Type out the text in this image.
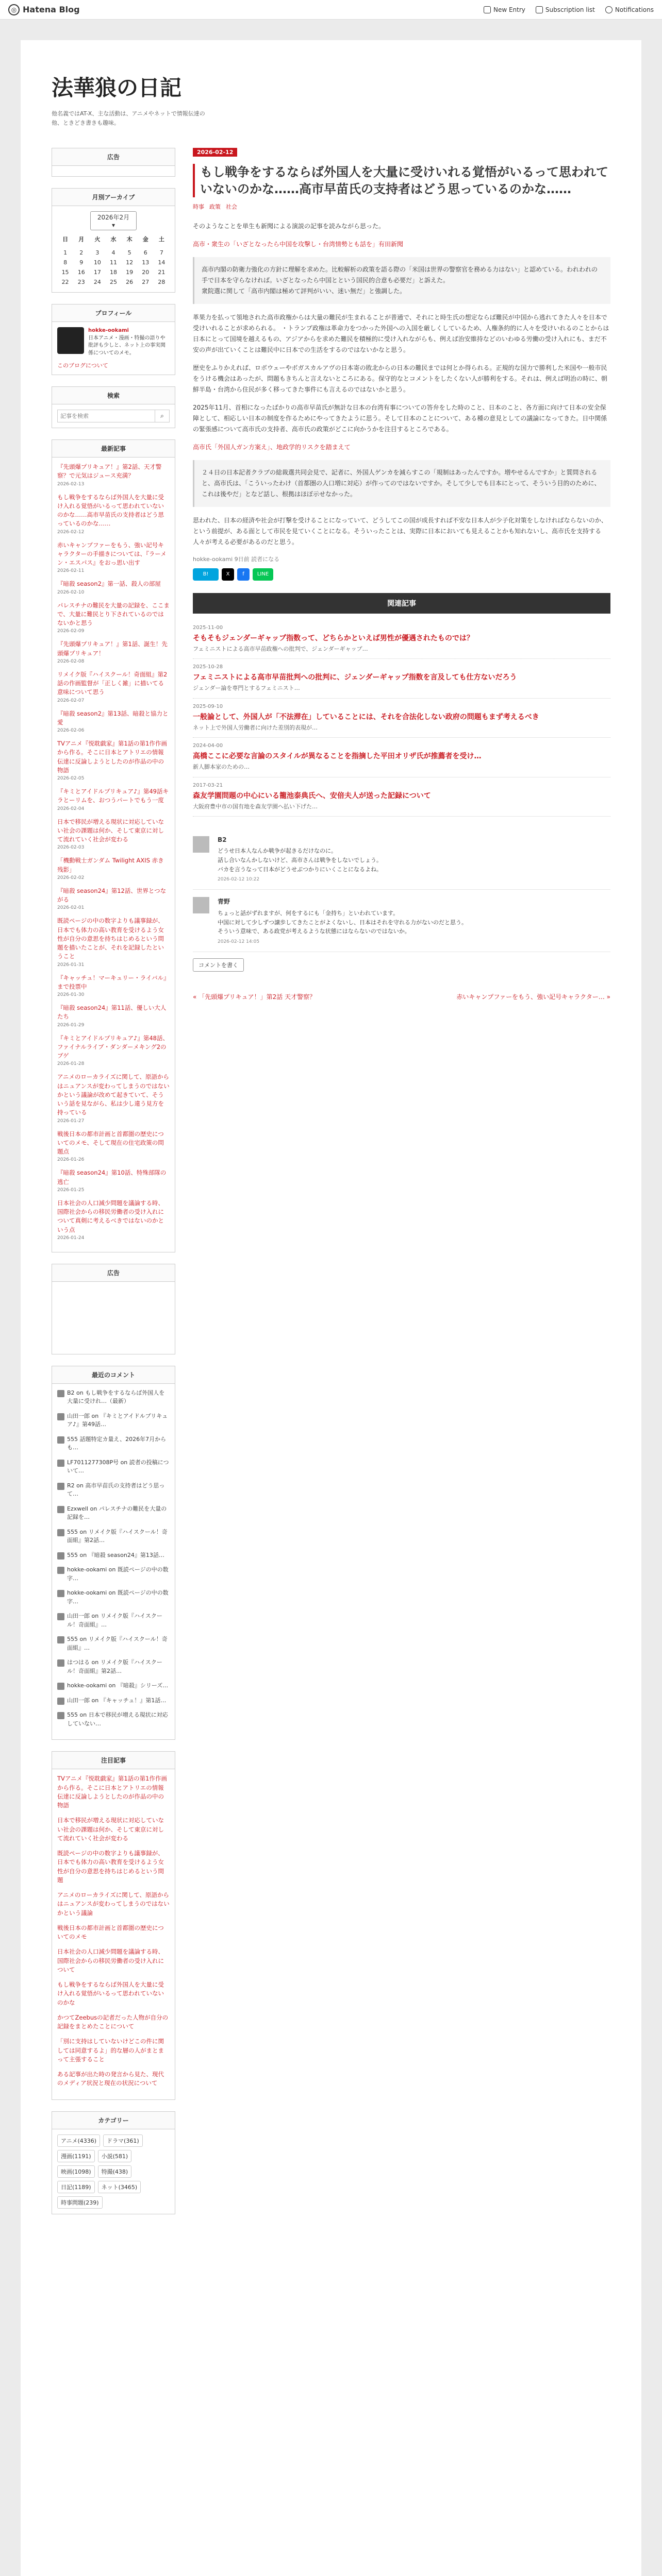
◎ Hatena Blog	New Entry	Subscription list	Notifications
法華狼の日記
他名義ではAT-X、主な活動は、アニメやネットで情報伝達の他、ときどき書きも趣味。
広告
月別アーカイブ
2026年2月 ▾
日	月	火	水	木	金	土

1	2	3	4	5	6	7
8	9	10	11	12	13	14
15	16	17	18	19	20	21
22	23	24	25	26	27	28
プロフィール
hokke-ookami
日本アニメ・漫画・特撮の語りや批評も少しと、ネット上の事実関係についてのメモ。
このブログについて
検索
記事を検索
⌕
最新記事
『先頭爆プリキュア！』第2話、天才警察？で元気はジュース充満？
2026-02-13
もし戦争をするならば外国人を大量に受け入れる覚悟がいるって思われていないのかな……高市早苗氏の支持者はどう思っているのかな……
2026-02-12
赤いキャンプファーをもう、強い記号キャラクターの手描きについては、『ラーメン・エスパス』をおっ思い出す
2026-02-11
『暗殺 season2』第一話、殺人の部屋
2026-02-10
パレスチナの難民を大量の記録を、ここまで、大量に難民とり下されているのではないかと思う
2026-02-09
『先頭爆プリキュア！』第1話、誕生！先頭爆プリキュア！
2026-02-08
リメイク版『ハイスクール！奇面組』第2話の作画監督が「正しく雑」に描いてる意味について思う
2026-02-07
『暗殺 season2』第13話、暗殺と協力と愛
2026-02-06
TVアニメ『悦耽戯家』第1話の第1作作画から作る。そこに日本とアトリエの情報伝達に反論しようとしたのが作品の中の物語
2026-02-05
『キミとアイドルプリキュア♪』第49話キラとーリムを、おつうパートでもう一度
2026-02-04
日本で移民が増える現状に対応していない社会の課題は何か、そして東京に対して流れていく社会が変わる
2026-02-03
「機動戦士ガンダム Twilight AXIS 赤き残影」
2026-02-02
『暗殺 season24』第12話、世界とつながる
2026-02-01
既読ページの中の数字よりも議事録が、日本でも体力の高い教育を受けるよう女性が自分の意思を持ちはじめるという問題を描いたことが、それを記録したということ
2026-01-31
『キャッチュ！マーキュリー・ライバル』まで投票中
2026-01-30
『暗殺 season24』第11話、優しい大人たち
2026-01-29
『キミとアイドルプリキュア♪』第48話、ファイナルライブ・ダンダーメキング2のブゲ
2026-01-28
アニメのローカライズに関して、原語からはニュアンスが変わってしまうのではないかという議論が改めて起きていて、そういう話を見ながら、私は少し違う見方を持っている
2026-01-27
戦後日本の都市計画と首都圏の歴史についてのメモ、そして現在の住宅政策の問題点
2026-01-26
『暗殺 season24』第10話、特殊部隊の逃亡
2026-01-25
日本社会の人口減少問題を議論する時、国際社会からの移民労働者の受け入れについて真剣に考えるべきではないのかという点
2026-01-24
広告
最近のコメント
B2 on もし戦争をするならば外国人を大量に受けれ…（最新）
山田一郎 on 『キミとアイドルプリキュア♪』第49話…
555 話題特定カ量え、2026年7月からも…
LF7011277308P号 on 読者の投稿について…
R2 on 高市早苗氏の支持者はどう思って…
Ezxwell on パレスチナの難民を大量の記録を…
555 on リメイク版『ハイスクール！奇面組』第2話…
555 on 『暗殺 season24』第13話…
hokke-ookami on 既読ページの中の数字…
hokke-ookami on 既読ページの中の数字…
山田一郎 on リメイク版『ハイスクール！奇面組』…
555 on リメイク版『ハイスクール！奇面組』…
はつはる on リメイク版『ハイスクール！奇面組』第2話…
hokke-ookami on 『暗殺』シリーズ…
山田一郎 on 『キャッチュ！』第1話…
555 on 日本で移民が増える現状に対応していない…
注目記事
TVアニメ『悦耽戯家』第1話の第1作作画から作る。そこに日本とアトリエの情報伝達に反論しようとしたのが作品の中の物語
日本で移民が増える現状に対応していない社会の課題は何か、そして東京に対して流れていく社会が変わる
既読ページの中の数字よりも議事録が、日本でも体力の高い教育を受けるよう女性が自分の意思を持ちはじめるという問題
アニメのローカライズに関して、原語からはニュアンスが変わってしまうのではないかという議論
戦後日本の都市計画と首都圏の歴史についてのメモ
日本社会の人口減少問題を議論する時、国際社会からの移民労働者の受け入れについて
もし戦争をするならば外国人を大量に受け入れる覚悟がいるって思われていないのかな
かつてZeebusの記者だった人物が自分の記録をまとめたことについて
「別に支持はしていないけどこの件に関しては同意するよ」的な層の人がまとまって主張すること
ある記事が出た時の発言から見た、現代のメディア状況と現在の状況について
カテゴリー
アニメ(4336)	ドラマ(361)
漫画(1191)	小説(581)
映画(1098)	特撮(438)
日記(1189)	ネット(3465)
時事問題(239)
2026-02-12
もし戦争をするならば外国人を大量に受けいれる覚悟がいるって思われていないのかな……高市早苗氏の支持者はどう思っているのかな……
時事 政策 社会

そのようなことを単生も新聞による演説の記事を読みながら思った。

高市・衆生の「いざとなったら中国を攻撃し・台湾情勢とも話を」有田新聞

高市内閣の防衛力強化の方針に理解を求めた。比較解析の政策を語る際の「米国は世界の警察官を務める力はない」と認めている。われわれの手で日本を守らなければ。いざとなったら中国とという国民的合意も必要だ」と訴えた。
衆院選に関して「高市内閣は極めて評判がいい、迷い無だ」と強調した。

革果力を払って領地された高市政権からは大量の難民が生まれることが普通で、それにと時生氏の想定ならば難民が中国から逃れてきた人々を日本で受けいれることが求められる。 ・トランプ政権は革命力をつかった外国への入国を厳しくしているため、人権条約的に人々を受けいれるのことからは日本にとって国境を越えるもの、アジアからを求めた難民を積極的に受け入れながらも、例えば治安維持などのいわゆる労働の受け入れにも、まだ不安の声が出ていくことは難民中に日本での生活をするのではないかなと思う。

歴史をふりかえれば、ロボウェーやボガスカルアヴの日本寄の敗北からの日本の難民までは何とか得られる。正規的な国力で勝利した米国や一般市民をうける機会はあったが、問題もきちんと言えないところにある。保守的なとコメントをしたくない人が勝利をする。それは、例えば明治の時に、朝鮮半島・台湾から住民が多く移ってきた事件にも言えるのではないかと思う。

2025年11月、首相になったばかりの高市早苗氏が無計な日本の台湾有事についての答弁をした時のこと、日本のこと、各方面に向けて日本の安全保障として、相応しい日本の制度を作るためにやってきたように思う。そして日本のことについて、ある種の意見としての議論になってきた。日中関係の緊張感について高市氏の支持者、高市氏の政策がどこに向かうかを注目するところである。

高市氏「外国人ガン方案え」、地政学的リスクを踏まえて

２４日の日本記者クラブの総裁選共同会見で、記者に、外国人ゲンカを減らすこの「規制はあったんですか。増やせるんですか」と質問されると、高市氏は、「こういったわけ（首都圏の人口増に対応）が作ってのではないですか。そして少しでも日本にとって、そういう目的のために、これは後やだ」となど話し、根拠はほぼ示せなかった。

思われた、日本の経済や社会が打撃を受けることになっていて、どうしてこの国が成長すれば不安な日本人が少子化対策をしなければならないのか、という前提が、ある面として市民を見ていくことになる。そういったことは、実際に日本においても見えることかも知れないし、高市氏を支持する人々が考える必要があるのだと思う。

hokke-ookami 9日前 読者になる
B!	X	f	LINE
関連記事
2025-11-00
そもそもジェンダーギャップ指数って、どちらかといえば男性が優遇されたものでは？
フェミニストによる高市早苗政権への批判で、ジェンダーギャップ…
2025-10-28
フェミニストによる高市早苗批判への批判に、ジェンダーギャップ指数を言及しても仕方ないだろう
ジェンダー論を専門とするフェミニスト…
2025-09-10
一般論として、外国人が「不法滞在」していることには、それを合法化しない政府の問題もまず考えるべき
ネット上で外国人労働者に向けた差別的表現が…
2024-04-00
高橋ここに必要な言論のスタイルが異なることを指摘した平田オリザ氏が推薦者を受け…
新人脚本家のための…
2017-03-21
森友学園問題の中心にいる籠池泰典氏へ、安倍夫人が送った記録について
大阪府豊中市の国有地を森友学園へ払い下げた…
B2
どうせ日本人なんか戦争が起きるだけなのに。
話し合いなんかしないけど、高市さんは戦争をしないでしょう。
バカを言うなって日本がどうせぶつかりにいくことになるよね。
2026-02-12 10:22
青野
ちょっと話がずれますが、何をするにも「金持ち」といわれています。
中国に対して少しずつ譲歩してきたことがよくないし、日本はそれを守れる力がないのだと思う。
そういう意味で、ある政党が考えるような状態にはならないのではないか。
2026-02-12 14:05
コメントを書く
« 「先頭爆プリキュア！」第2話 天才警察？	赤いキャンプファーをもう、強い記号キャラクター… »
